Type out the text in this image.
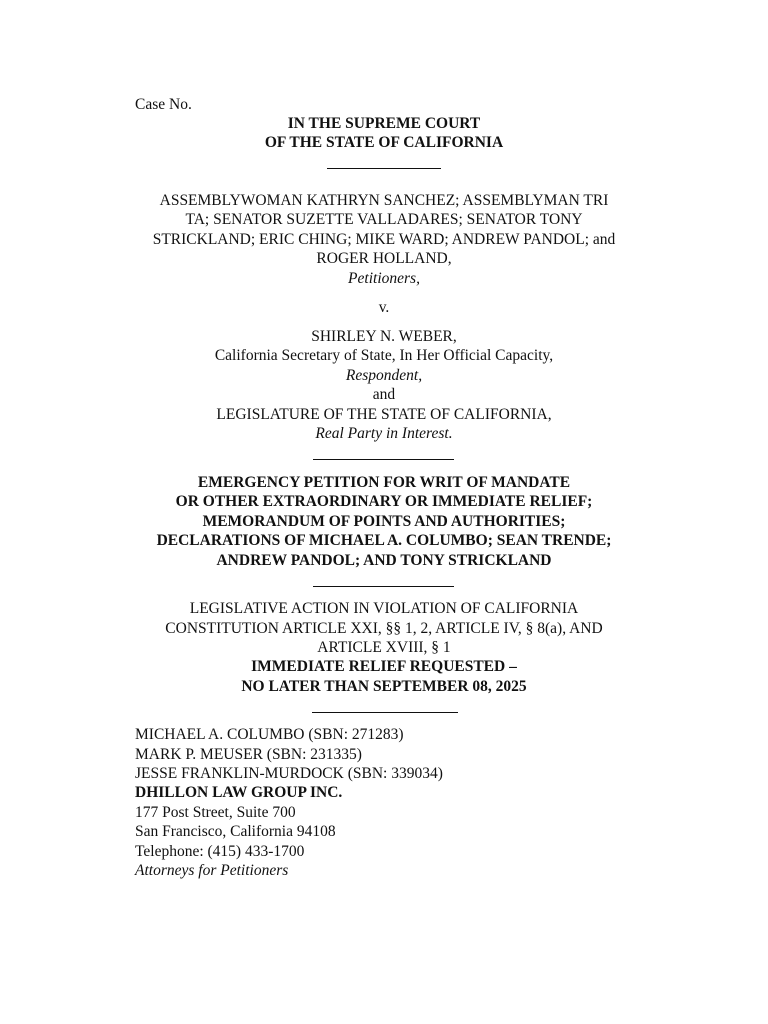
Case No.
IN THE SUPREME COURT
OF THE STATE OF CALIFORNIA
ASSEMBLYWOMAN KATHRYN SANCHEZ; ASSEMBLYMAN TRI
TA; SENATOR SUZETTE VALLADARES; SENATOR TONY
STRICKLAND; ERIC CHING; MIKE WARD; ANDREW PANDOL; and
ROGER HOLLAND,
Petitioners,
v.
SHIRLEY N. WEBER,
California Secretary of State, In Her Official Capacity,
Respondent,
and
LEGISLATURE OF THE STATE OF CALIFORNIA,
Real Party in Interest.
EMERGENCY PETITION FOR WRIT OF MANDATE
OR OTHER EXTRAORDINARY OR IMMEDIATE RELIEF;
MEMORANDUM OF POINTS AND AUTHORITIES;
DECLARATIONS OF MICHAEL A. COLUMBO; SEAN TRENDE;
ANDREW PANDOL; AND TONY STRICKLAND
LEGISLATIVE ACTION IN VIOLATION OF CALIFORNIA
CONSTITUTION ARTICLE XXI, §§ 1, 2, ARTICLE IV, § 8(a), AND
ARTICLE XVIII, § 1
IMMEDIATE RELIEF REQUESTED –
NO LATER THAN SEPTEMBER 08, 2025
MICHAEL A. COLUMBO (SBN: 271283)
MARK P. MEUSER (SBN: 231335)
JESSE FRANKLIN-MURDOCK (SBN: 339034)
DHILLON LAW GROUP INC.
177 Post Street, Suite 700
San Francisco, California 94108
Telephone: (415) 433-1700
Attorneys for Petitioners
